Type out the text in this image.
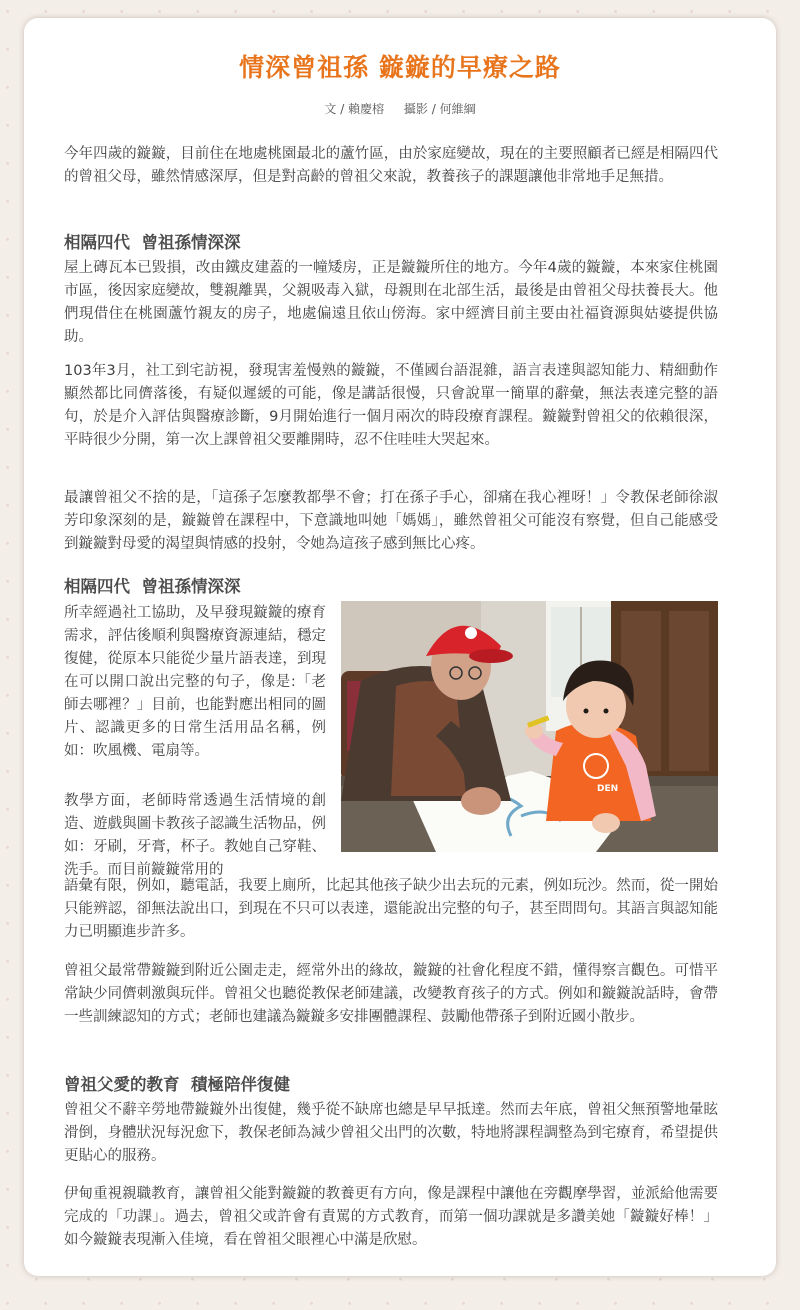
情深曾祖孫 鏇鏇的早療之路
文 / 賴慶榕 攝影 / 何維綱

今年四歲的鏇鏇，目前住在地處桃園最北的蘆竹區，由於家庭變故，現在的主要照顧者已經是相隔四代的曾祖父母，雖然情感深厚，但是對高齡的曾祖父來說，教養孩子的課題讓他非常地手足無措。

相隔四代  曾祖孫情深深

屋上磚瓦本已毀損，改由鐵皮建蓋的一幢矮房，正是鏇鏇所住的地方。今年4歲的鏇鏇，本來家住桃園市區，後因家庭變故，雙親離異，父親吸毒入獄，母親則在北部生活，最後是由曾祖父母扶養長大。他們現借住在桃園蘆竹親友的房子，地處偏遠且依山傍海。家中經濟目前主要由社福資源與姑婆提供協助。

103年3月，社工到宅訪視，發現害羞慢熟的鏇鏇，不僅國台語混雜，語言表達與認知能力、精細動作顯然都比同儕落後，有疑似遲緩的可能，像是講話很慢，只會說單一簡單的辭彙，無法表達完整的語句，於是介入評估與醫療診斷，9月開始進行一個月兩次的時段療育課程。鏇鏇對曾祖父的依賴很深，平時很少分開，第一次上課曾祖父要離開時，忍不住哇哇大哭起來。

最讓曾祖父不捨的是，「這孫子怎麼教都學不會；打在孫子手心，卻痛在我心裡呀！」令教保老師徐淑芳印象深刻的是，鏇鏇曾在課程中，下意識地叫她「媽媽」，雖然曾祖父可能沒有察覺，但自己能感受到鏇鏇對母愛的渴望與情感的投射，令她為這孩子感到無比心疼。

相隔四代  曾祖孫情深深

所幸經過社工協助，及早發現鏇鏇的療育需求，評估後順利與醫療資源連結，穩定復健，從原本只能從少量片語表達，到現在可以開口說出完整的句子，像是:「老師去哪裡？」目前，也能對應出相同的圖片、認識更多的日常生活用品名稱，例如：吹風機、電扇等。

教學方面，老師時常透過生活情境的創造、遊戲與圖卡教孩子認識生活物品，例如：牙刷，牙膏，杯子。教她自己穿鞋、洗手。而目前鏇鏇常用的

語彙有限，例如，聽電話，我要上廁所，比起其他孩子缺少出去玩的元素，例如玩沙。然而，從一開始只能辨認，卻無法說出口，到現在不只可以表達，還能說出完整的句子，甚至問問句。其語言與認知能力已明顯進步許多。

曾祖父最常帶鏇鏇到附近公園走走，經常外出的緣故，鏇鏇的社會化程度不錯，懂得察言觀色。可惜平常缺少同儕刺激與玩伴。曾祖父也聽從教保老師建議，改變教育孩子的方式。例如和鏇鏇說話時，會帶一些訓練認知的方式；老師也建議為鏇鏇多安排團體課程、鼓勵他帶孫子到附近國小散步。

曾祖父愛的教育  積極陪伴復健

曾祖父不辭辛勞地帶鏇鏇外出復健，幾乎從不缺席也總是早早抵達。然而去年底，曾祖父無預警地暈眩滑倒，身體狀況每況愈下，教保老師為減少曾祖父出門的次數，特地將課程調整為到宅療育，希望提供更貼心的服務。

伊甸重視親職教育，讓曾祖父能對鏇鏇的教養更有方向，像是課程中讓他在旁觀摩學習，並派給他需要完成的「功課」。過去，曾祖父或許會有責罵的方式教育，而第一個功課就是多讚美她「鏇鏇好棒！」如今鏇鏇表現漸入佳境，看在曾祖父眼裡心中滿是欣慰。

DEN
